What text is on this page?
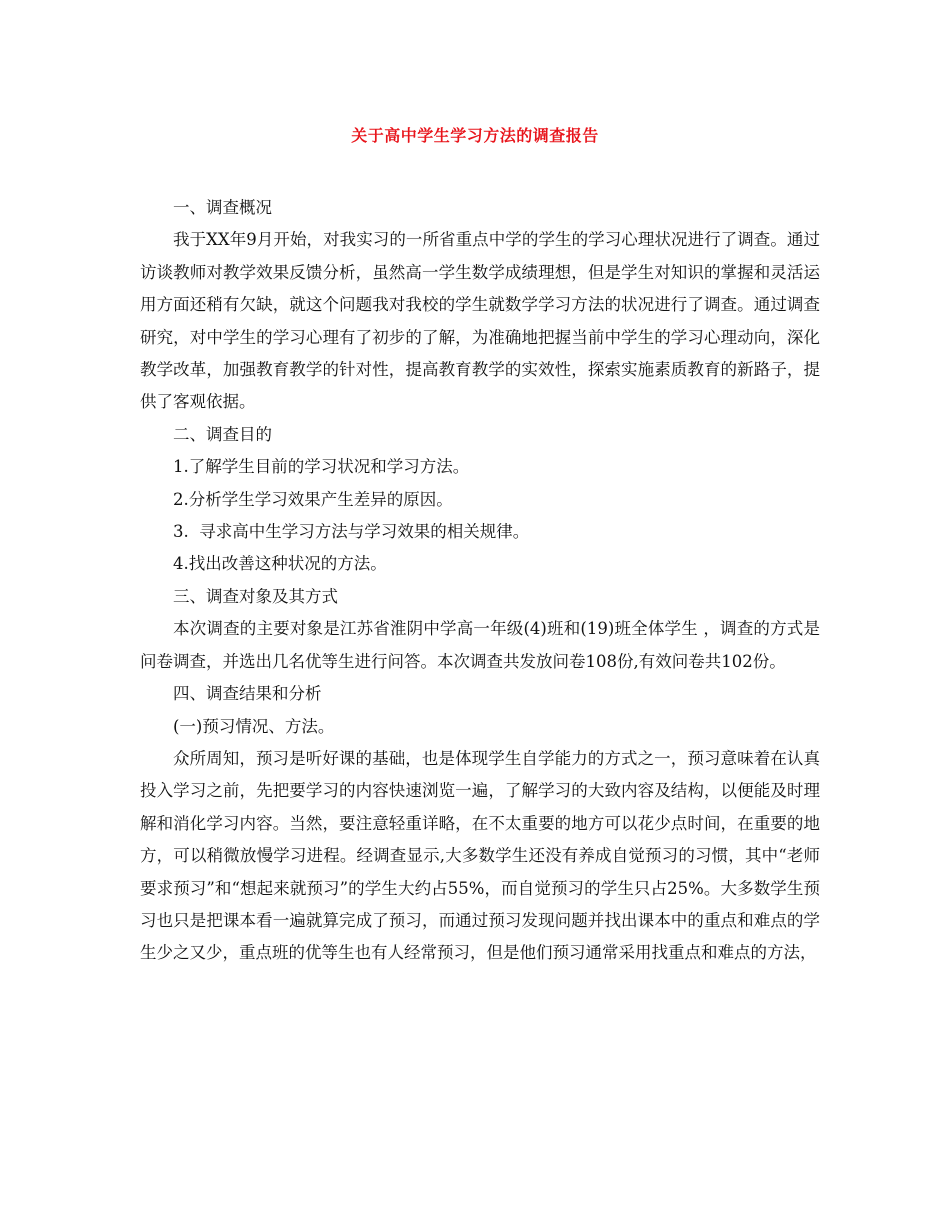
关于高中学生学习方法的调查报告

一、调查概况

我于XX年9月开始，对我实习的一所省重点中学的学生的学习心理状况进行了调查。通过访谈教师对教学效果反馈分析，虽然高一学生数学成绩理想，但是学生对知识的掌握和灵活运用方面还稍有欠缺，就这个问题我对我校的学生就数学学习方法的状况进行了调查。通过调查研究，对中学生的学习心理有了初步的了解，为准确地把握当前中学生的学习心理动向，深化教学改革，加强教育教学的针对性，提高教育教学的实效性，探索实施素质教育的新路子，提供了客观依据。

二、调查目的

1.了解学生目前的学习状况和学习方法。

2.分析学生学习效果产生差异的原因。

3.  寻求高中生学习方法与学习效果的相关规律。

4.找出改善这种状况的方法。

三、调查对象及其方式

本次调查的主要对象是江苏省淮阴中学高一年级(4)班和(19)班全体学生 ，调查的方式是问卷调查，并选出几名优等生进行问答。本次调查共发放问卷108份,有效问卷共102份。

四、调查结果和分析

(一)预习情况、方法。

众所周知，预习是听好课的基础，也是体现学生自学能力的方式之一，预习意味着在认真投入学习之前，先把要学习的内容快速浏览一遍，了解学习的大致内容及结构，以便能及时理解和消化学习内容。当然，要注意轻重详略，在不太重要的地方可以花少点时间，在重要的地方，可以稍微放慢学习进程。经调查显示,大多数学生还没有养成自觉预习的习惯，其中“老师要求预习”和“想起来就预习”的学生大约占55%，而自觉预习的学生只占25%。大多数学生预习也只是把课本看一遍就算完成了预习，而通过预习发现问题并找出课本中的重点和难点的学生少之又少，重点班的优等生也有人经常预习，但是他们预习通常采用找重点和难点的方法，
